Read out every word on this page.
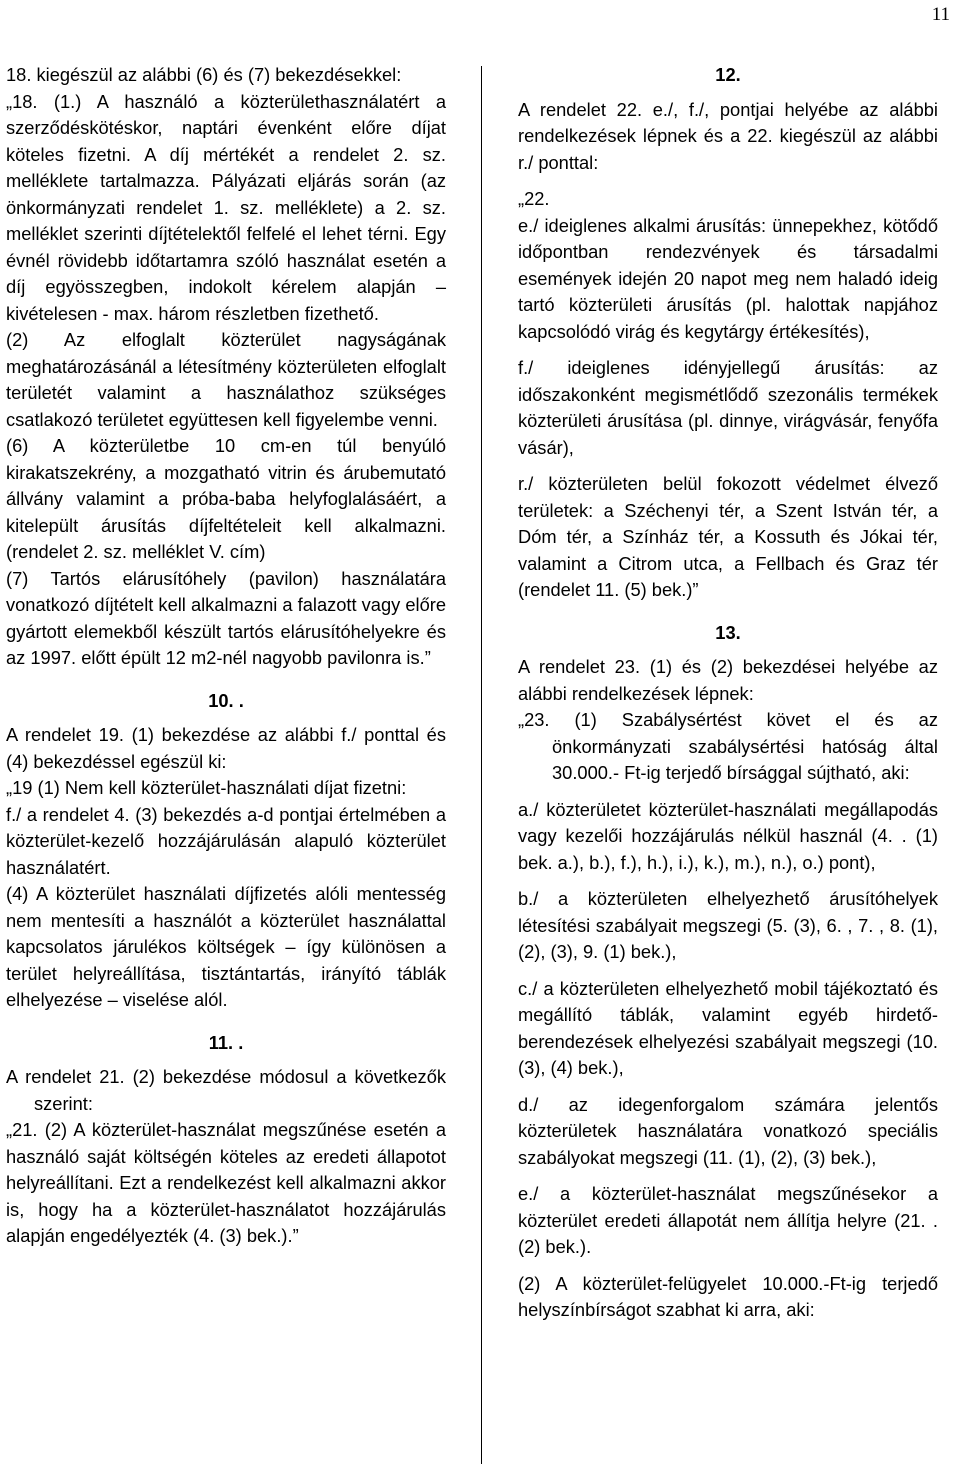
11

18. kiegészül az alábbi (6) és (7) bekezdésekkel:

„18. (1.) A használó a közterülethasználatért a szerződéskötéskor, naptári évenként előre díjat köteles fizetni. A díj mértékét a rendelet 2. sz. melléklete tartalmazza. Pályázati eljárás során (az önkormányzati rendelet 1. sz. melléklete) a 2. sz. melléklet szerinti díjtételektől felfelé el lehet térni. Egy évnél rövidebb időtartamra szóló használat esetén a díj egyösszegben, indokolt kérelem alapján – kivételesen - max. három részletben fizethető.

(2) Az elfoglalt közterület nagyságának meghatározásánál a létesítmény közterületen elfoglalt területét valamint a használathoz szükséges csatlakozó területet együttesen kell figyelembe venni.

(6) A közterületbe 10 cm-en túl benyúló kirakatszekrény, a mozgatható vitrin és árubemutató állvány valamint a próba-baba helyfoglalásáért, a kitelepült árusítás díjfeltételeit kell alkalmazni. (rendelet 2. sz. melléklet V. cím)

(7) Tartós elárusítóhely (pavilon) használatára vonatkozó díjtételt kell alkalmazni a falazott vagy előre gyártott elemekből készült tartós elárusítóhelyekre és az 1997. előtt épült 12 m2-nél nagyobb pavilonra is.”

10. .

A rendelet 19. (1) bekezdése az alábbi f./ ponttal és (4) bekezdéssel egészül ki:

„19 (1) Nem kell közterület-használati díjat fizetni:

f./ a rendelet 4. (3) bekezdés a-d pontjai értelmében a közterület-kezelő hozzájárulásán alapuló közterület használatért.

(4) A közterület használati díjfizetés alóli mentesség nem mentesíti a használót a közterület használattal kapcsolatos járulékos költségek – így különösen a terület helyreállítása, tisztántartás, irányító táblák elhelyezése – viselése alól.

11. .

A rendelet 21. (2) bekezdése módosul a következők szerint:

„21. (2) A közterület-használat megszűnése esetén a használó saját költségén köteles az eredeti állapotot helyreállítani. Ezt a rendelkezést kell alkalmazni akkor is, hogy ha a közterület-használatot hozzájárulás alapján engedélyezték (4. (3) bek.).”

12.

A rendelet 22. e./, f./, pontjai helyébe az alábbi rendelkezések lépnek és a 22. kiegészül az alábbi r./ ponttal:

„22.

e./ ideiglenes alkalmi árusítás: ünnepekhez, kötődő időpontban rendezvények és társadalmi események idején 20 napot meg nem haladó ideig tartó közterületi árusítás (pl. halottak napjához kapcsolódó virág és kegytárgy értékesítés),

f./ ideiglenes idényjellegű árusítás: az időszakonként megismétlődő szezonális termékek közterületi árusítása (pl. dinnye, virágvásár, fenyőfa vásár),

r./ közterületen belül fokozott védelmet élvező területek: a Széchenyi tér, a Szent István tér, a Dóm tér, a Színház tér, a Kossuth és Jókai tér, valamint a Citrom utca, a Fellbach és Graz tér (rendelet 11. (5) bek.)”

13.

A rendelet 23. (1) és (2) bekezdései helyébe az alábbi rendelkezések lépnek:

„23. (1) Szabálysértést követ el és az önkormányzati szabálysértési hatóság által 30.000.- Ft-ig terjedő bírsággal sújtható, aki:

a./ közterületet közterület-használati megállapodás vagy kezelői hozzájárulás nélkül használ (4. . (1) bek. a.), b.), f.), h.), i.), k.), m.), n.), o.) pont),

b./ a közterületen elhelyezhető árusítóhelyek létesítési szabályait megszegi (5. (3), 6. , 7. , 8. (1), (2), (3), 9. (1) bek.),

c./ a közterületen elhelyezhető mobil tájékoztató és megállító táblák, valamint egyéb hirdető-berendezések elhelyezési szabályait megszegi (10. (3), (4) bek.),

d./ az idegenforgalom számára jelentős közterületek használatára vonatkozó speciális szabályokat megszegi (11. (1), (2), (3) bek.),

e./ a közterület-használat megszűnésekor a közterület eredeti állapotát nem állítja helyre (21. . (2) bek.).

(2) A közterület-felügyelet 10.000.-Ft-ig terjedő helyszínbírságot szabhat ki arra, aki:
